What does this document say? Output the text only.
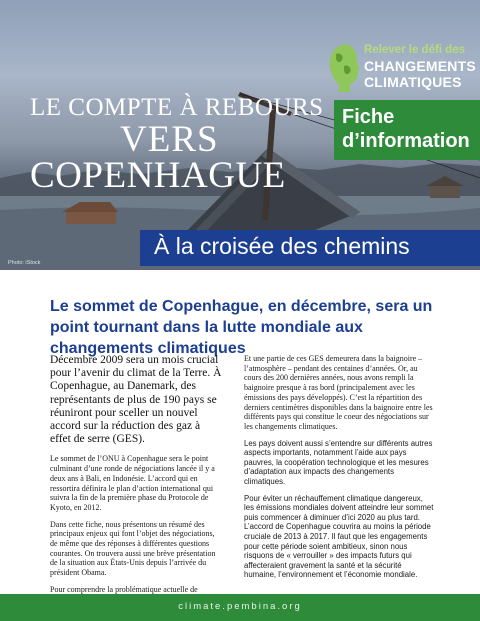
Relever le défi des
CHANGEMENTS
CLIMATIQUES
LE COMPTE À REBOURS
VERS
COPENHAGUE
Fiche
d’information
Photo: iStock
À la croisée des chemins
Le sommet de Copenhague, en décembre, sera un point tournant dans la lutte mondiale aux changements climatiques

Décembre 2009 sera un mois crucial pour l’avenir du climat de la Terre. À Copenhague, au Danemark, des représentants de plus de 190 pays se réuniront pour sceller un nouvel accord sur la réduction des gaz à effet de serre (GES).

Le sommet de l’ONU à Copenhague sera le point culminant d’une ronde de négociations lancée il y a deux ans à Bali, en Indonésie. L’accord qui en ressortira définira le plan d’action international qui suivra la fin de la première phase du Protocole de Kyoto, en 2012.

Dans cette fiche, nous présentons un résumé des principaux enjeux qui font l’objet des négociations, de même que des réponses à différentes questions courantes. On trouvera aussi une brève présentation de la situation aux États-Unis depuis l’arrivée du président Obama.

Pour comprendre la problématique actuelle de

Et une partie de ces GES demeurera dans la baignoire – l’atmosphère – pendant des centaines d’années. Or, au cours des 200 dernières années, nous avons rempli la baignoire presque à ras bord (principalement avec les émissions des pays développés). C’est la répartition des derniers centimètres disponibles dans la baignoire entre les différents pays qui constitue le coeur des négociations sur les changements climatiques.

Les pays doivent aussi s’entendre sur différents autres aspects importants, notamment l’aide aux pays pauvres, la coopération technologique et les mesures d’adaptation aux impacts des changements climatiques.

Pour éviter un réchauffement climatique dangereux, les émissions mondiales doivent atteindre leur sommet puis commencer à diminuer d’ici 2020 au plus tard. L’accord de Copenhague couvrira au moins la période cruciale de 2013 à 2017. Il faut que les engagements pour cette période soient ambitieux, sinon nous risquons de « verrouiller » des impacts futurs qui affecteraient gravement la santé et la sécurité humaine, l’environnement et l’économie mondiale.

climate.pembina.org
